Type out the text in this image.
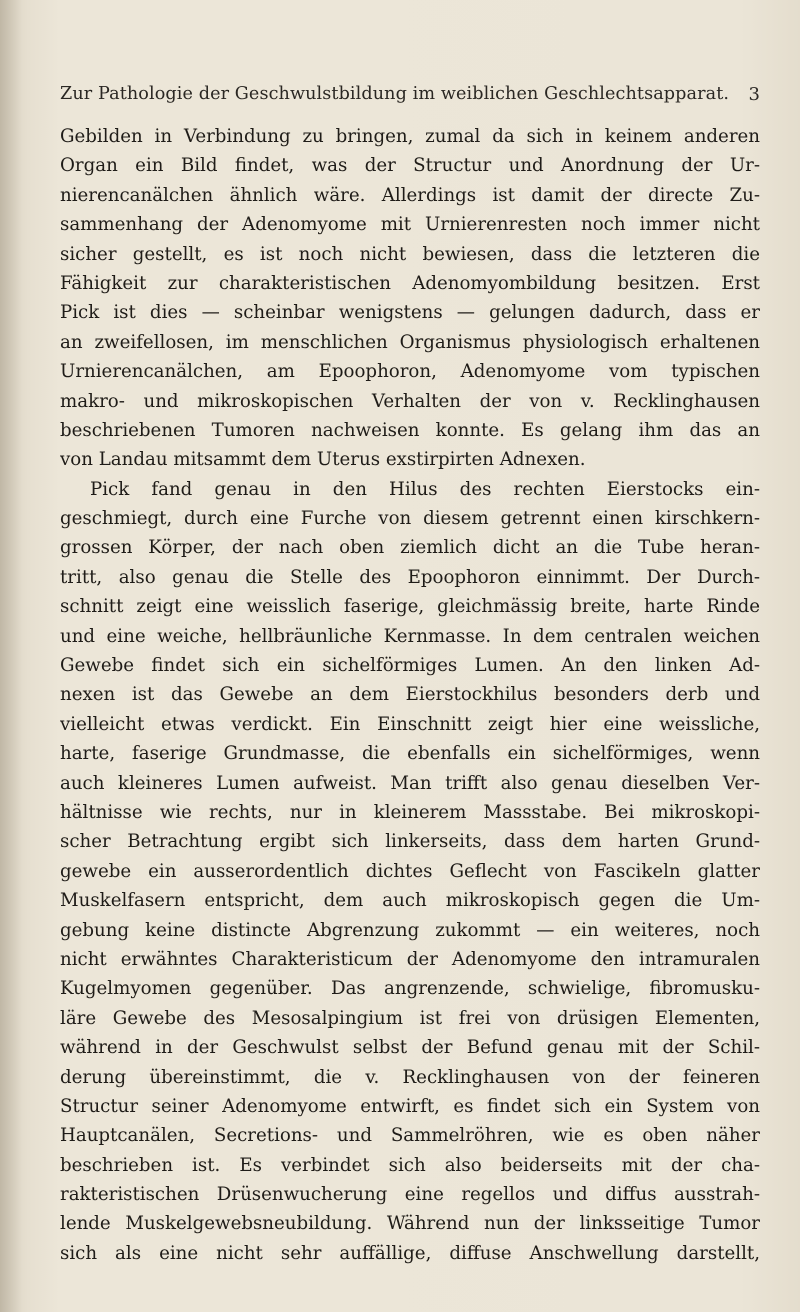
Zur Pathologie der Geschwulstbildung im weiblichen Geschlechtsapparat. 3
Gebilden in Verbindung zu bringen, zumal da sich in keinem anderen
Organ ein Bild findet, was der Structur und Anordnung der Ur-
nierencanälchen ähnlich wäre. Allerdings ist damit der directe Zu-
sammenhang der Adenomyome mit Urnierenresten noch immer nicht
sicher gestellt, es ist noch nicht bewiesen, dass die letzteren die
Fähigkeit zur charakteristischen Adenomyombildung besitzen. Erst
Pick ist dies — scheinbar wenigstens — gelungen dadurch, dass er
an zweifellosen, im menschlichen Organismus physiologisch erhaltenen
Urnierencanälchen, am Epoophoron, Adenomyome vom typischen
makro- und mikroskopischen Verhalten der von v. Recklinghausen
beschriebenen Tumoren nachweisen konnte. Es gelang ihm das an
von Landau mitsammt dem Uterus exstirpirten Adnexen.
Pick fand genau in den Hilus des rechten Eierstocks ein-
geschmiegt, durch eine Furche von diesem getrennt einen kirschkern-
grossen Körper, der nach oben ziemlich dicht an die Tube heran-
tritt, also genau die Stelle des Epoophoron einnimmt. Der Durch-
schnitt zeigt eine weisslich faserige, gleichmässig breite, harte Rinde
und eine weiche, hellbräunliche Kernmasse. In dem centralen weichen
Gewebe findet sich ein sichelförmiges Lumen. An den linken Ad-
nexen ist das Gewebe an dem Eierstockhilus besonders derb und
vielleicht etwas verdickt. Ein Einschnitt zeigt hier eine weissliche,
harte, faserige Grundmasse, die ebenfalls ein sichelförmiges, wenn
auch kleineres Lumen aufweist. Man trifft also genau dieselben Ver-
hältnisse wie rechts, nur in kleinerem Massstabe. Bei mikroskopi-
scher Betrachtung ergibt sich linkerseits, dass dem harten Grund-
gewebe ein ausserordentlich dichtes Geflecht von Fascikeln glatter
Muskelfasern entspricht, dem auch mikroskopisch gegen die Um-
gebung keine distincte Abgrenzung zukommt — ein weiteres, noch
nicht erwähntes Charakteristicum der Adenomyome den intramuralen
Kugelmyomen gegenüber. Das angrenzende, schwielige, fibromusku-
läre Gewebe des Mesosalpingium ist frei von drüsigen Elementen,
während in der Geschwulst selbst der Befund genau mit der Schil-
derung übereinstimmt, die v. Recklinghausen von der feineren
Structur seiner Adenomyome entwirft, es findet sich ein System von
Hauptcanälen, Secretions- und Sammelröhren, wie es oben näher
beschrieben ist. Es verbindet sich also beiderseits mit der cha-
rakteristischen Drüsenwucherung eine regellos und diffus ausstrah-
lende Muskelgewebsneubildung. Während nun der linksseitige Tumor
sich als eine nicht sehr auffällige, diffuse Anschwellung darstellt,
